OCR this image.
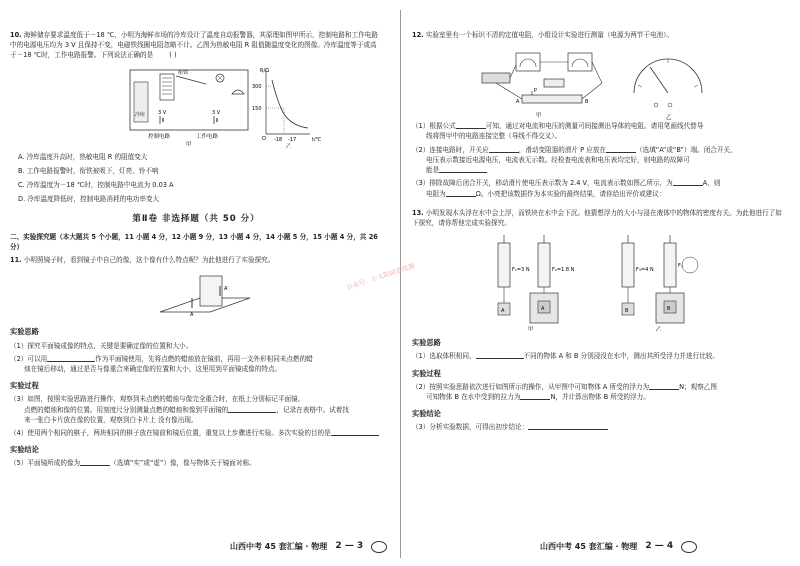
10. 海鲜储存要求温度低于－18 ℃，小明为海鲜市场的冷库设计了温度自动报警器，其原理如图甲所示，控制电路和工作电路中的电源电压均为 3 V 且保持不变，电磁铁线圈电阻忽略不计。乙图为热敏电阻 R 阻值随温度变化的图像。冷库温度等于或高于－18 ℃时，工作电路报警。下列说法正确的是 ( )

冷库
衔铁
3 V	3 V
控制电路	工作电路
甲
R/Ω
300
150
O -18 -17	t/℃
乙

A. 冷库温度升高时，热敏电阻 R 的阻值变大

B. 工作电路报警时，衔铁被吸下，灯亮、铃不响

C. 冷库温度为－18 ℃时，控制电路中电流为 0.03 A

D. 冷库温度降低时，控制电路消耗的电功率变大

第Ⅱ卷 非选择题（共 50 分）

二、实验探究题（本大题共 5 个小题，11 小题 4 分，12 小题 9 分，13 小题 4 分，14 小题 5 分，15 小题 4 分，共 26 分）

11. 小明照镜子时，看到镜子中自己的像，这个像有什么特点呢？为此他进行了实验探究。

A
A′

实验思路

（1）探究平面镜成像的特点，关键是要确定像的位置和大小。

（2）可以用	作为平面镜使用，先将点燃的蜡烛放在镜前，再用一支外形相同未点燃的蜡
烛在镜后移动，通过是否与像重合来确定像的位置和大小，这里用到平面镜成像的特点。

实验过程

（3）如图，按照实验思路进行操作，观察到未点燃的蜡烛与像完全重合时，在纸上分别标记平面镜、
点燃的蜡烛和像的位置。用刻度尺分别测量点燃的蜡烛和像到平面镜的	，记录在表格中。试着找
来一张白卡片放在像的位置，观察到白卡片上 没有像出现。

（4）使用两个相同的棋子，两块相同的棋子放在镜前和镜后位置，重复以上步骤进行实验。多次实验的目的是

实验结论

（5）平面镜所成的像为	（选填“实”或“虚”）像，像与物体关于镜面对称。

山西中考 45 套汇编 · 物理 2 — 3

12. 实验室里有一个标识不清的定值电阻，小组设计实验进行测量（电源为两节干电池）。

P
A	B
甲	乙

（1）根据公式	可知，通过对电流和电压的测量可间接测出导体的电阻。请用笔画线代替导
线将图甲中的电路连接完整（导线不得交叉）。

（2）连接电路时，开关应	，滑动变阻器的滑片 P 应放在	（选填“A”或“B”）端。闭合开关，
电压表示数接近电源电压，电流表无示数。经检查电流表和电压表均完好，则电路的故障可
能是

（3）排除故障后闭合开关，移动滑片使电压表示数为 2.4 V，电流表示数如图乙所示，为	A，则
电阻为	Ω。小亮把该数据作为本实验的最终结果，请你给出评价或建议：

13. 小明发现木头浮在水中会上浮，而铁块在水中会下沉。他猜想浮力的大小与浸在液体中的物体的密度有关。为此他进行了如下探究，请你帮他完成实验探究。

A
F₁=3 N
A
F₂=1.8 N
甲
B
F₃=4 N
B
F₄
乙

实验思路

（1）选取体积相同、	不同的物体 A 和 B 分别浸没在水中，测出其所受浮力并进行比较。

实验过程

（2）按照实验思路依次进行如图所示的操作，从甲图中可知物体 A 所受的浮力为	N；观察乙图
可知物体 B 在水中受到的拉力为	N，并计算出物体 B 所受的浮力。

实验结论

（3）分析实验数据，可得出初步结论：

山西中考 45 套汇编 · 物理 2 — 4
公众号：小太阳试卷资源
